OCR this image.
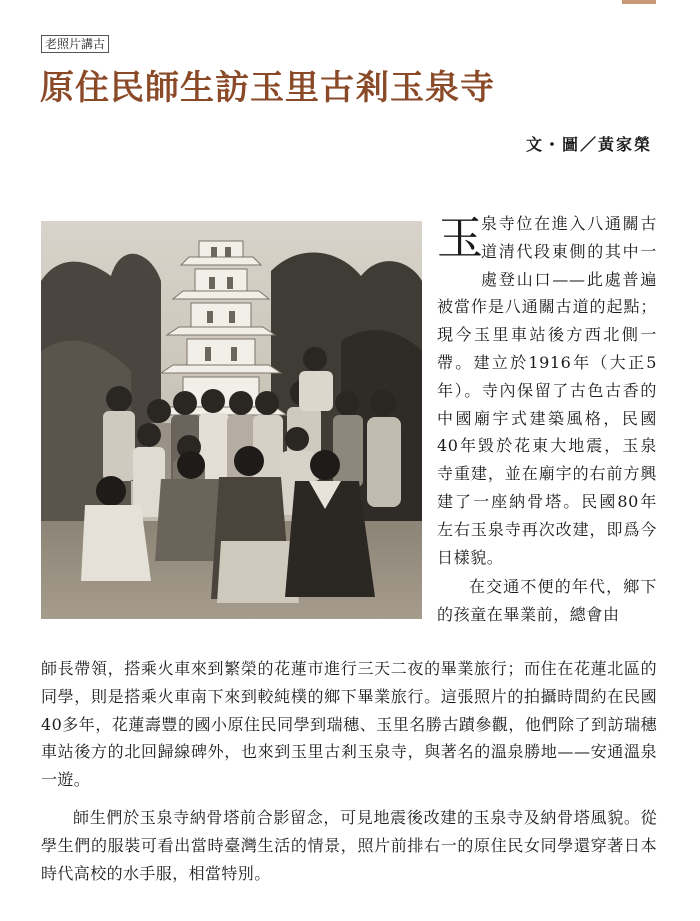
老照片講古
原住民師生訪玉里古剎玉泉寺
文・圖／黃家榮

玉
泉寺位在進入八通關古道清代段東側的其中一處登山口——此處普遍被當作是八通關古道的起點；現今玉里車站後方西北側一帶。建立於1916年（大正5年）。寺內保留了古色古香的中國廟宇式建築風格，民國40年毀於花東大地震，玉泉寺重建，並在廟宇的右前方興建了一座納骨塔。民國80年左右玉泉寺再次改建，即爲今日樣貌。

在交通不便的年代，鄉下的孩童在畢業前，總會由

師長帶領，搭乘火車來到繁榮的花蓮市進行三天二夜的畢業旅行；而住在花蓮北區的同學，則是搭乘火車南下來到較純樸的鄉下畢業旅行。這張照片的拍攝時間約在民國40多年，花蓮壽豐的國小原住民同學到瑞穗、玉里名勝古蹟參觀，他們除了到訪瑞穗車站後方的北回歸線碑外，也來到玉里古剎玉泉寺，與著名的溫泉勝地——安通溫泉一遊。

師生們於玉泉寺納骨塔前合影留念，可見地震後改建的玉泉寺及納骨塔風貌。從學生們的服裝可看出當時臺灣生活的情景，照片前排右一的原住民女同學還穿著日本時代高校的水手服，相當特別。
